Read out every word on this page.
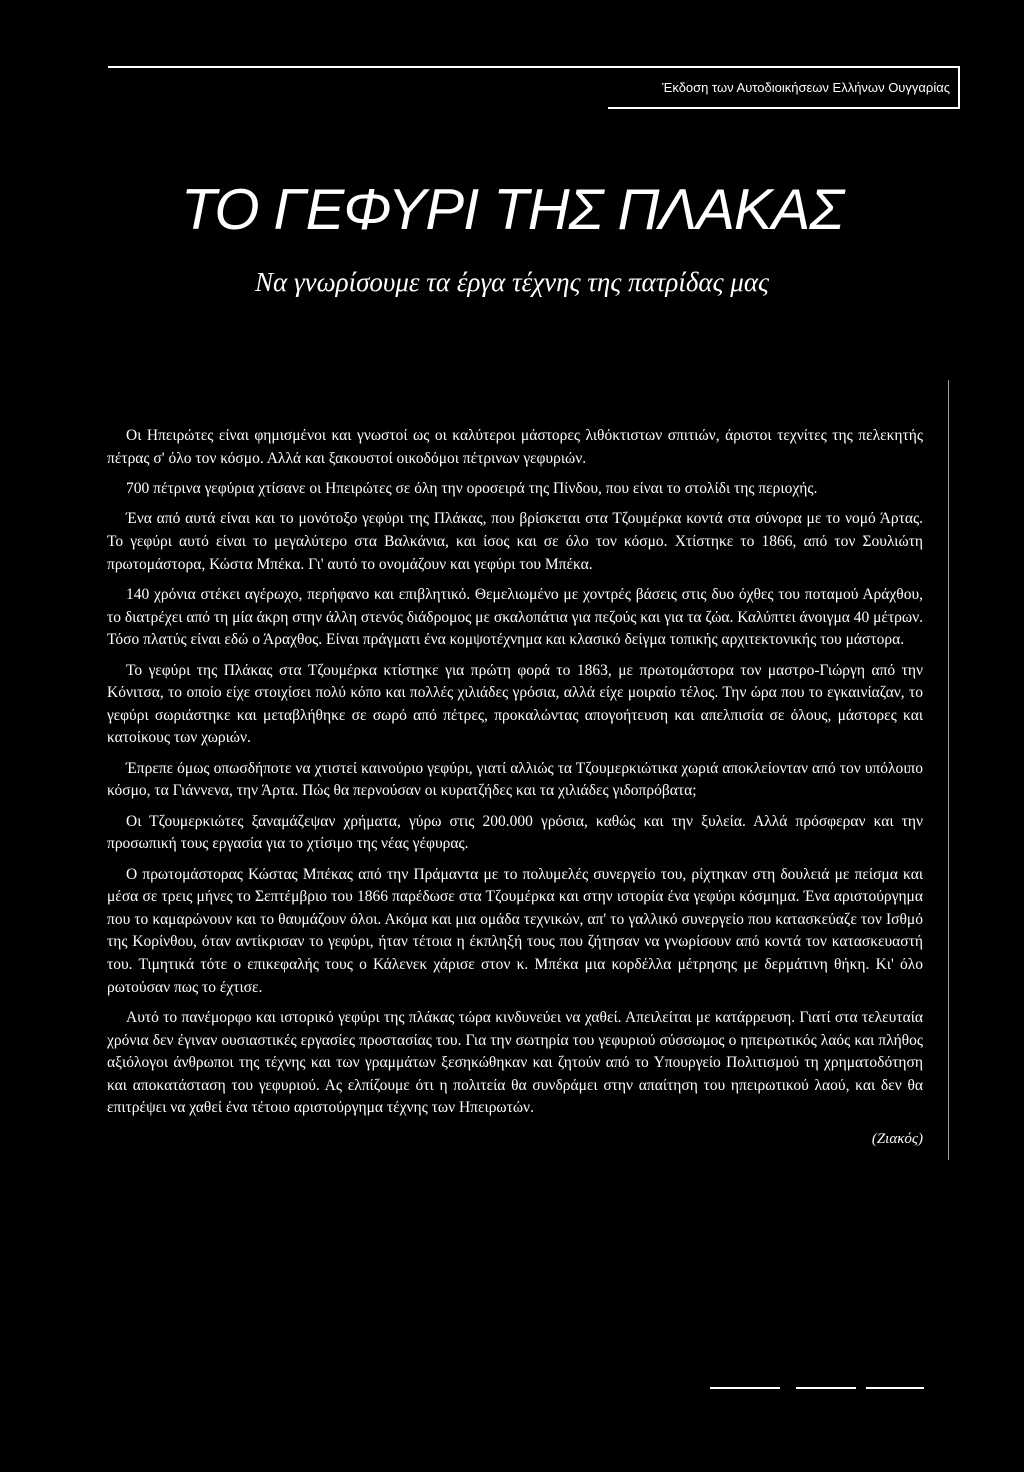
Έκδοση των Αυτοδιοικήσεων Ελλήνων Ουγγαρίας
ΤΟ ΓΕΦΥΡΙ ΤΗΣ ΠΛΑΚΑΣ
Να γνωρίσουμε τα έργα τέχνης της πατρίδας μας

Οι Ηπειρώτες είναι φημισμένοι και γνωστοί ως οι καλύτεροι μάστορες λιθόκτιστων σπιτιών, άριστοι τεχνίτες της πελεκητής πέτρας σ' όλο τον κόσμο. Αλλά και ξακουστοί οικοδόμοι πέτρινων γεφυριών.

700 πέτρινα γεφύρια χτίσανε οι Ηπειρώτες σε όλη την οροσειρά της Πίνδου, που είναι το στολίδι της περιοχής.

Ένα από αυτά είναι και το μονότοξο γεφύρι της Πλάκας, που βρίσκεται στα Τζουμέρκα κοντά στα σύνορα με το νομό Άρτας. Το γεφύρι αυτό είναι το μεγαλύτερο στα Βαλκάνια, και ίσος και σε όλο τον κόσμο. Χτίστηκε το 1866, από τον Σουλιώτη πρωτομάστορα, Κώστα Μπέκα. Γι' αυτό το ονομάζουν και γεφύρι του Μπέκα.

140 χρόνια στέκει αγέρωχο, περήφανο και επιβλητικό. Θεμελιωμένο με χοντρές βάσεις στις δυο όχθες του ποταμού Αράχθου, το διατρέχει από τη μία άκρη στην άλλη στενός διάδρομος με σκαλοπάτια για πεζούς και για τα ζώα. Καλύπτει άνοιγμα 40 μέτρων. Τόσο πλατύς είναι εδώ ο Άραχθος. Είναι πράγματι ένα κομψοτέχνημα και κλασικό δείγμα τοπικής αρχιτεκτονικής του μάστορα.

Το γεφύρι της Πλάκας στα Τζουμέρκα κτίστηκε για πρώτη φορά το 1863, με πρωτομάστορα τον μαστρο-Γιώργη από την Κόνιτσα, το οποίο είχε στοιχίσει πολύ κόπο και πολλές χιλιάδες γρόσια, αλλά είχε μοιραίο τέλος. Την ώρα που το εγκαινίαζαν, το γεφύρι σωριάστηκε και μεταβλήθηκε σε σωρό από πέτρες, προκαλώντας απογοήτευση και απελπισία σε όλους, μάστορες και κατοίκους των χωριών.

Έπρεπε όμως οπωσδήποτε να χτιστεί καινούριο γεφύρι, γιατί αλλιώς τα Τζουμερκιώτικα χωριά αποκλείονταν από τον υπόλοιπο κόσμο, τα Γιάννενα, την Άρτα. Πώς θα περνούσαν οι κυρατζήδες και τα χιλιάδες γιδοπρόβατα;

Οι Τζουμερκιώτες ξαναμάζεψαν χρήματα, γύρω στις 200.000 γρόσια, καθώς και την ξυλεία. Αλλά πρόσφεραν και την προσωπική τους εργασία για το χτίσιμο της νέας γέφυρας.

Ο πρωτομάστορας Κώστας Μπέκας από την Πράμαντα με το πολυμελές συνεργείο του, ρίχτηκαν στη δουλειά με πείσμα και μέσα σε τρεις μήνες το Σεπτέμβριο του 1866 παρέδωσε στα Τζουμέρκα και στην ιστορία ένα γεφύρι κόσμημα. Ένα αριστούργημα που το καμαρώνουν και το θαυμάζουν όλοι. Ακόμα και μια ομάδα τεχνικών, απ' το γαλλικό συνεργείο που κατασκεύαζε τον Ισθμό της Κορίνθου, όταν αντίκρισαν το γεφύρι, ήταν τέτοια η έκπληξή τους που ζήτησαν να γνωρίσουν από κοντά τον κατασκευαστή του. Τιμητικά τότε ο επικεφαλής τους ο Κάλενεκ χάρισε στον κ. Μπέκα μια κορδέλλα μέτρησης με δερμάτινη θήκη. Κι' όλο ρωτούσαν πως το έχτισε.

Αυτό το πανέμορφο και ιστορικό γεφύρι της πλάκας τώρα κινδυνεύει να χαθεί. Απειλείται με κατάρρευση. Γιατί στα τελευταία χρόνια δεν έγιναν ουσιαστικές εργασίες προστασίας του. Για την σωτηρία του γεφυριού σύσσωμος ο ηπειρωτικός λαός και πλήθος αξιόλογοι άνθρωποι της τέχνης και των γραμμάτων ξεσηκώθηκαν και ζητούν από το Υπουργείο Πολιτισμού τη χρηματοδότηση και αποκατάσταση του γεφυριού. Ας ελπίζουμε ότι η πολιτεία θα συνδράμει στην απαίτηση του ηπειρωτικού λαού, και δεν θα επιτρέψει να χαθεί ένα τέτοιο αριστούργημα τέχνης των Ηπειρωτών.

(Ζιακός)
